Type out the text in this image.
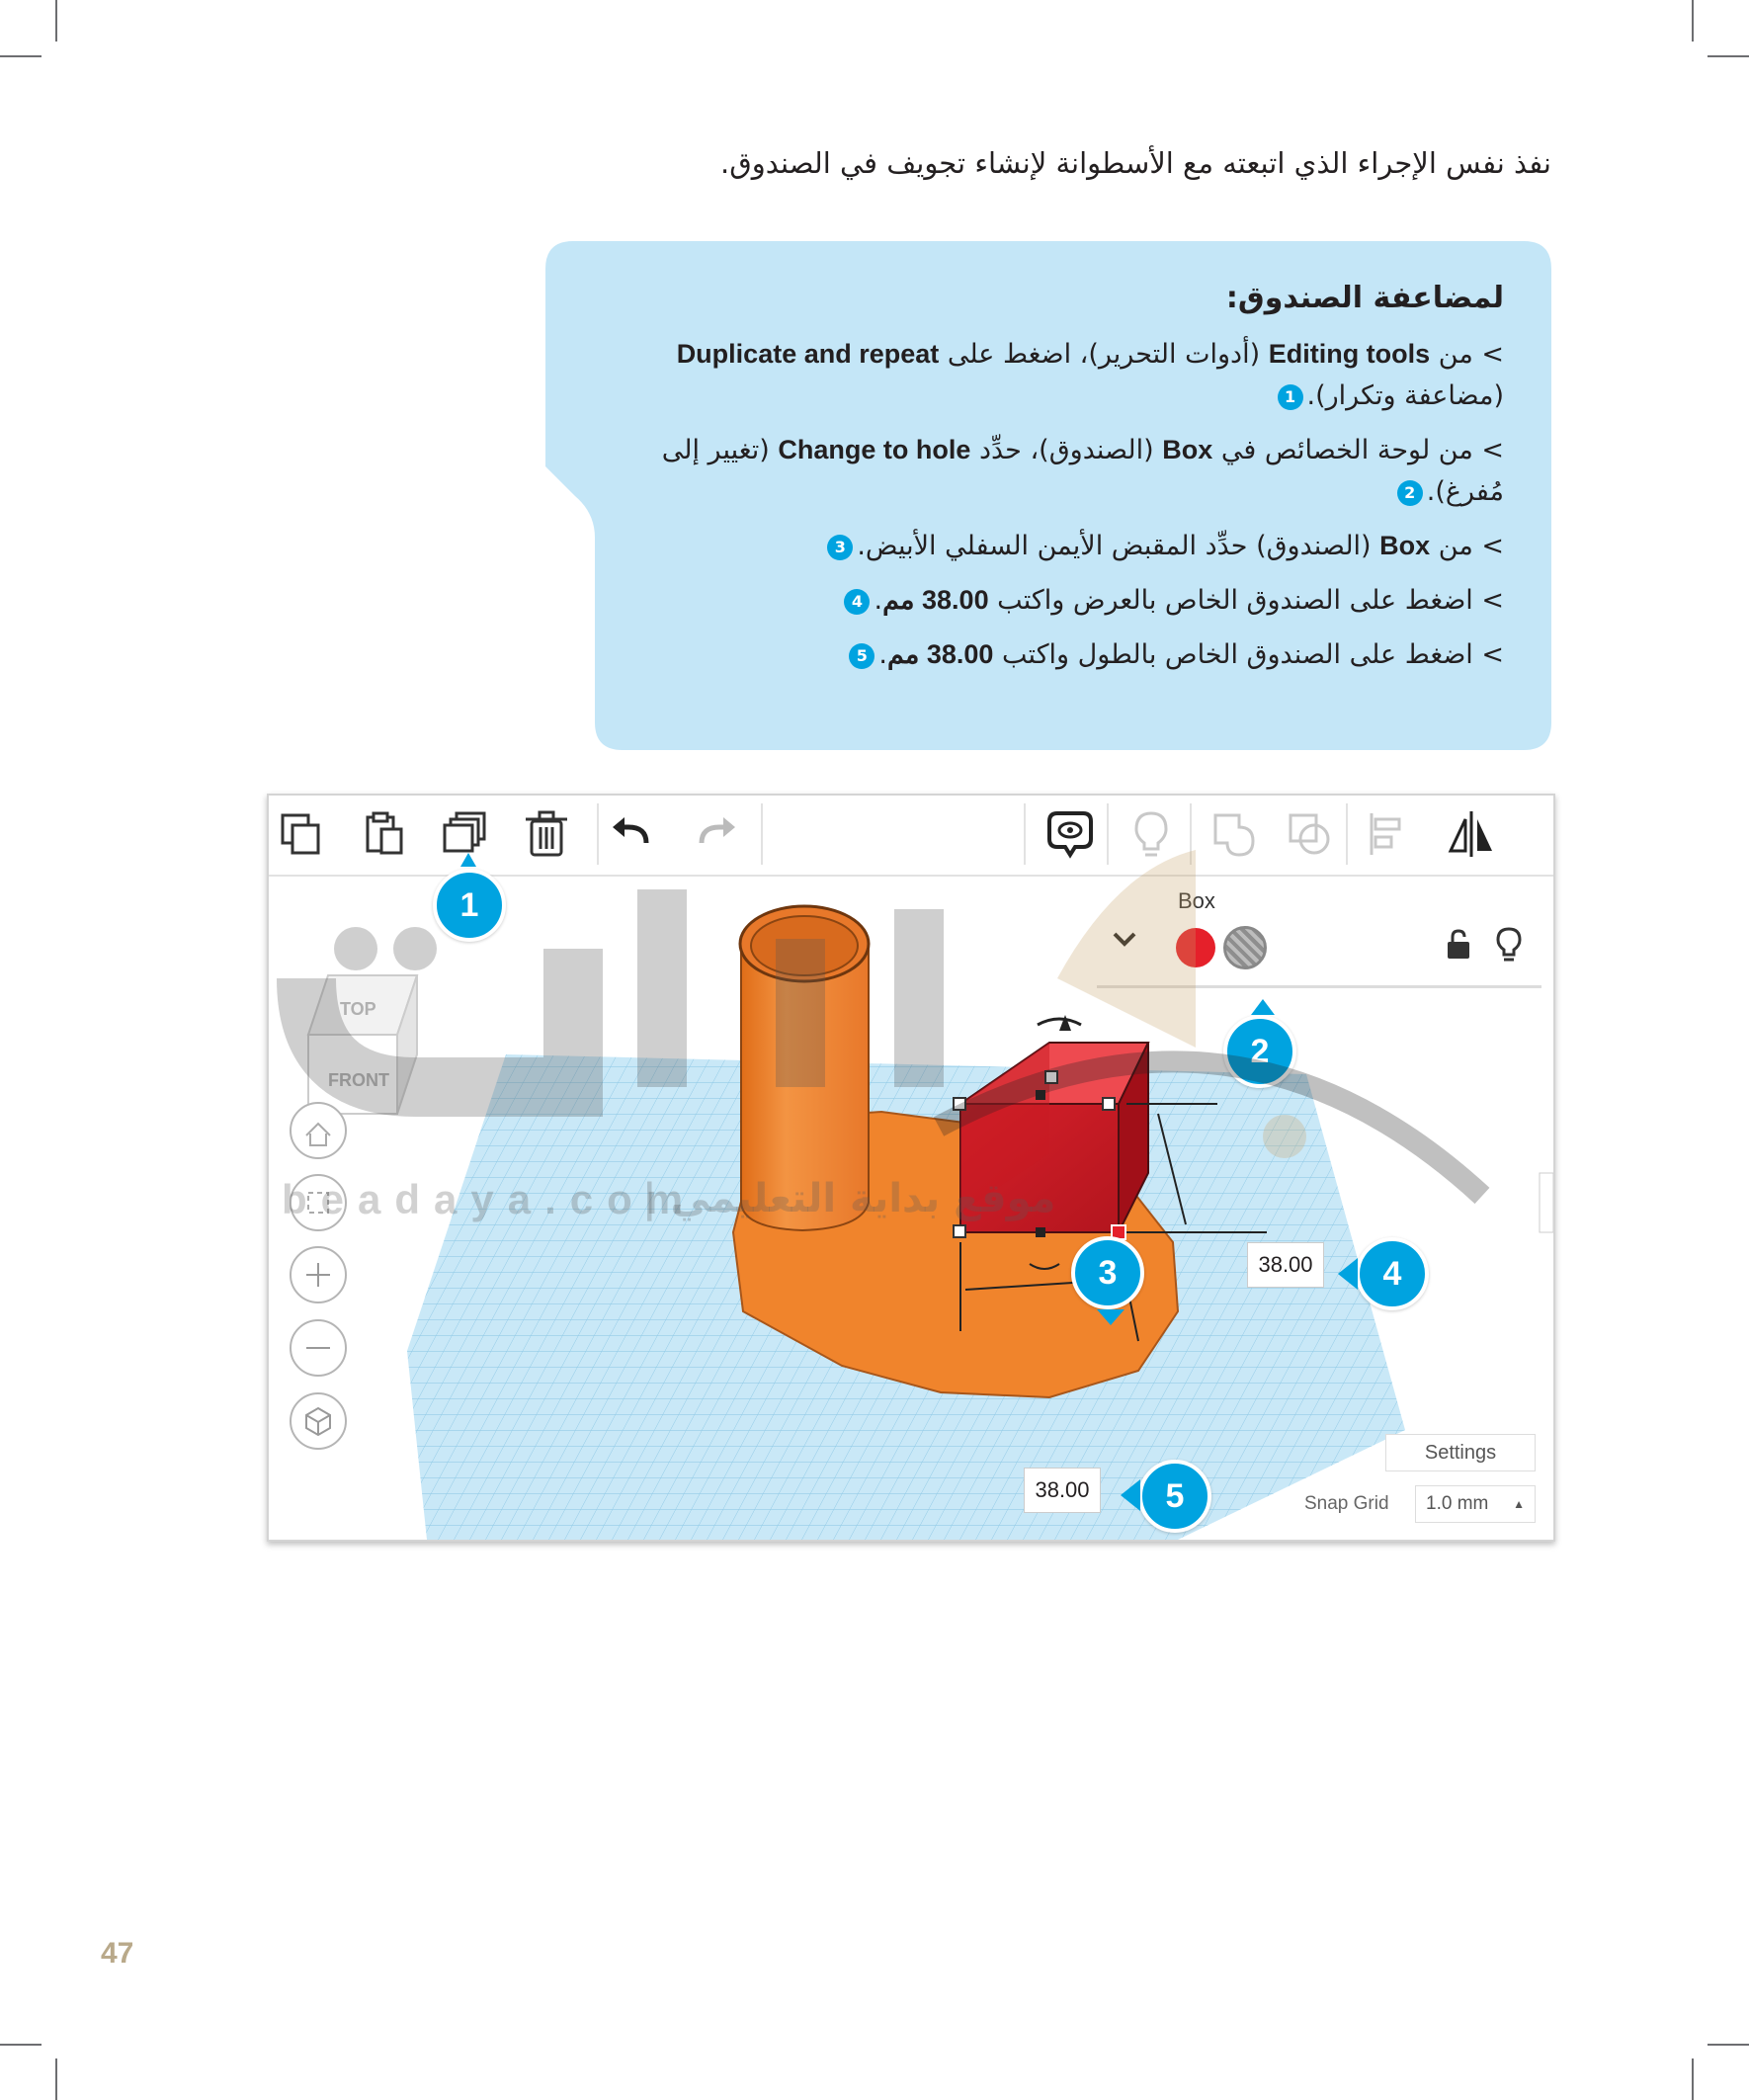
نفذ نفس الإجراء الذي اتبعته مع الأسطوانة لإنشاء تجويف في الصندوق.
لمضاعفة الصندوق:
> من Editing tools (أدوات التحرير)، اضغط على Duplicate and repeat (مضاعفة وتكرار).1
> من لوحة الخصائص في Box (الصندوق)، حدِّد Change to hole (تغيير إلى مُفرغ).2
> من Box (الصندوق) حدِّد المقبض الأيمن السفلي الأبيض.3
> اضغط على الصندوق الخاص بالعرض واكتب 38.00 مم.4
> اضغط على الصندوق الخاص بالطول واكتب 38.00 مم.5
TOP
FRONT
Box
38.00
38.00
Settings
Snap Grid	1.0 mm ▲
1
2
3	4
5
beadaya.com
موقع بداية التعليمي |
47
